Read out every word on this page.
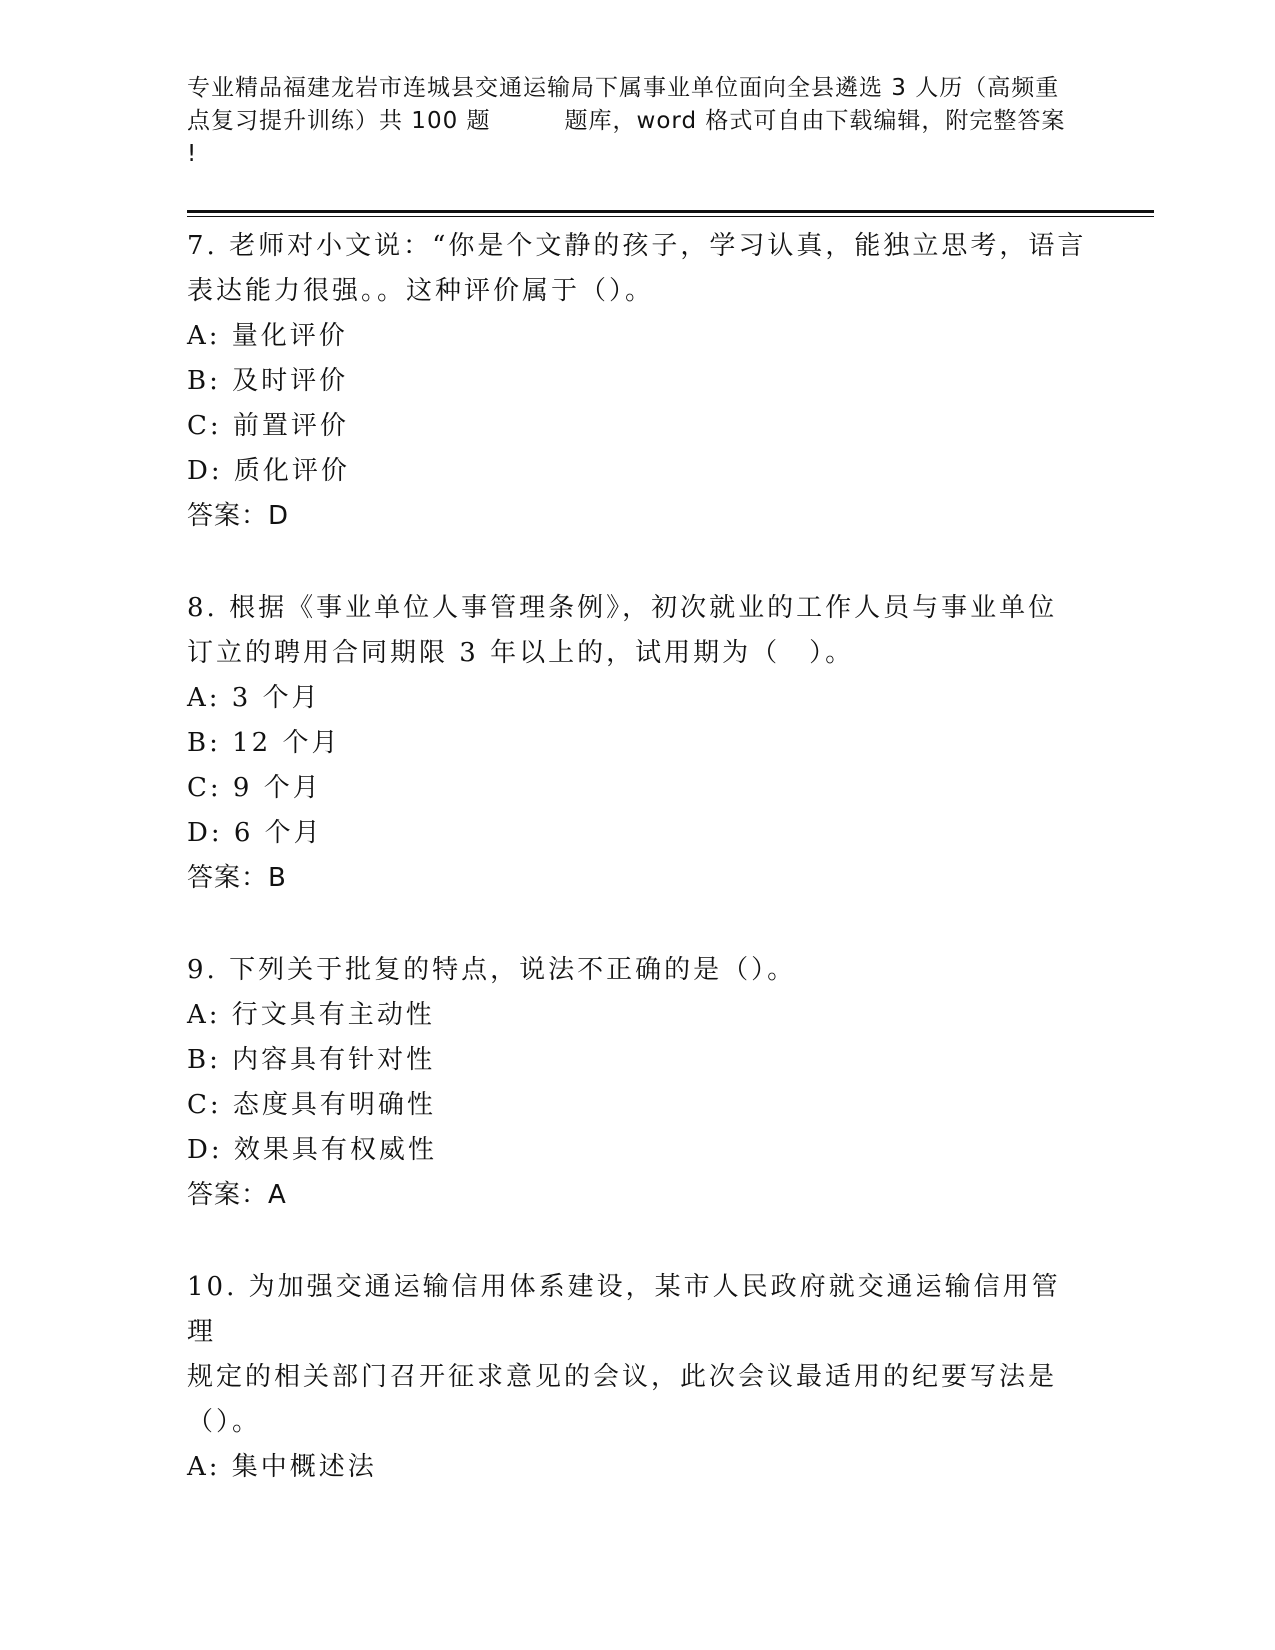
专业精品福建龙岩市连城县交通运输局下属事业单位面向全县遴选 3 人历（高频重
点复习提升训练）共 100 题	题库，word 格式可自由下载编辑，附完整答案
!

7. 老师对小文说：“你是个文静的孩子，学习认真，能独立思考，语言

表达能力很强。。这种评价属于（）。

A: 量化评价

B: 及时评价

C: 前置评价

D: 质化评价

答案：D

8. 根据《事业单位人事管理条例》，初次就业的工作人员与事业单位

订立的聘用合同期限 3 年以上的，试用期为（　）。

A: 3 个月

B: 12 个月

C: 9 个月

D: 6 个月

答案：B

9. 下列关于批复的特点，说法不正确的是（）。

A: 行文具有主动性

B: 内容具有针对性

C: 态度具有明确性

D: 效果具有权威性

答案：A

10. 为加强交通运输信用体系建设，某市人民政府就交通运输信用管理

规定的相关部门召开征求意见的会议，此次会议最适用的纪要写法是

（）。

A: 集中概述法
